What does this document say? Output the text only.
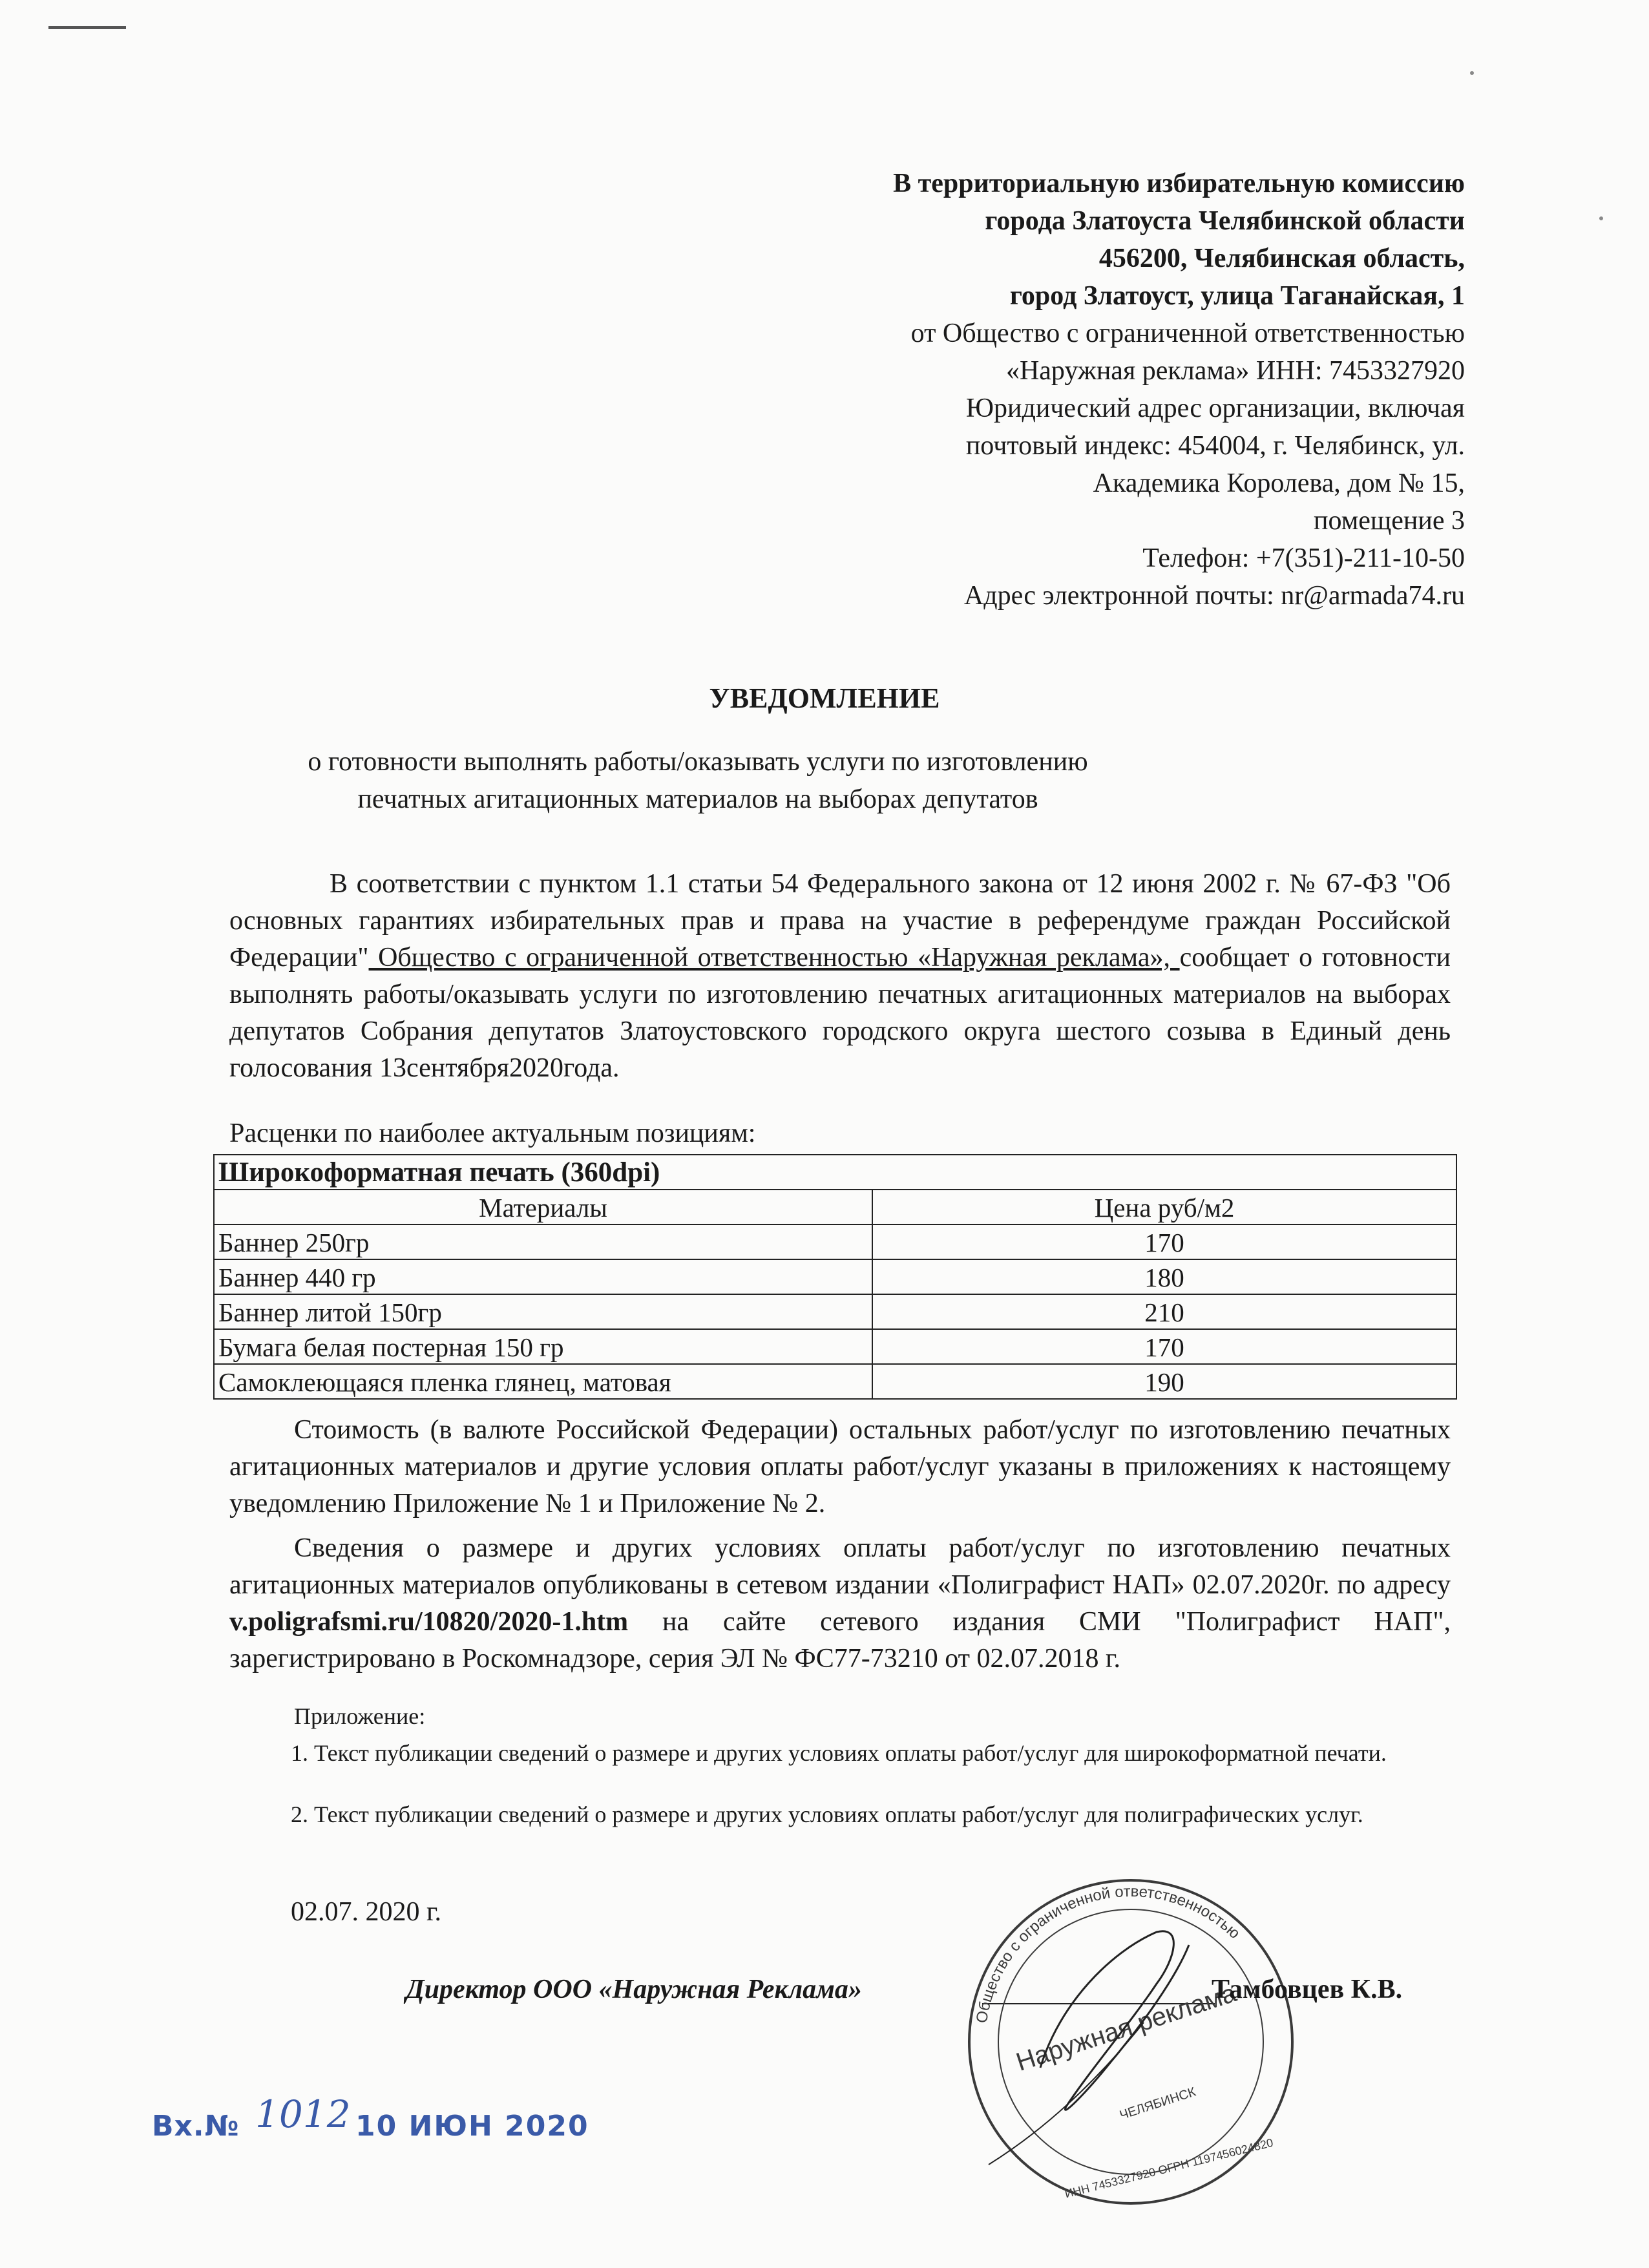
В территориальную избирательную комиссию
города Златоуста Челябинской области
456200, Челябинская область,
город Златоуст, улица Таганайская, 1
от Общество с ограниченной ответственностью
«Наружная реклама» ИНН: 7453327920
Юридический адрес организации, включая
почтовый индекс: 454004, г. Челябинск, ул.
Академика Королева, дом № 15,
помещение 3
Телефон: +7(351)-211-10-50
Адрес электронной почты: nr@armada74.ru
УВЕДОМЛЕНИЕ
о готовности выполнять работы/оказывать услуги по изготовлению печатных агитационных материалов на выборах депутатов
В соответствии с пунктом 1.1 статьи 54 Федерального закона от 12 июня 2002 г. № 67-ФЗ "Об основных гарантиях избирательных прав и права на участие в референдуме граждан Российской Федерации" Общество с ограниченной ответственностью «Наружная реклама», сообщает о готовности выполнять работы/оказывать услуги по изготовлению печатных агитационных материалов на выборах депутатов Собрания депутатов Златоустовского городского округа шестого созыва в Единый день голосования 13сентября2020года.
Расценки по наиболее актуальным позициям:
Широкоформатная печать (360dpi)	
Материалы	Цена руб/м2
Баннер 250гр	170
Баннер 440 гр	180
Баннер литой 150гр	210
Бумага белая постерная 150 гр	170
Самоклеющаяся пленка глянец, матовая	190
Стоимость (в валюте Российской Федерации) остальных работ/услуг по изготовлению печатных агитационных материалов и другие условия оплаты работ/услуг указаны в приложениях к настоящему уведомлению Приложение № 1 и Приложение № 2.
Сведения о размере и других условиях оплаты работ/услуг по изготовлению печатных агитационных материалов опубликованы в сетевом издании «Полиграфист НАП» 02.07.2020г. по адресу v.poligrafsmi.ru/10820/2020-1.htm на сайте сетевого издания СМИ "Полиграфист НАП", зарегистрировано в Роскомнадзоре, серия ЭЛ № ФС77-73210 от 02.07.2018 г.
Приложение:
1. Текст публикации сведений о размере и других условиях оплаты работ/услуг для широкоформатной печати.
2. Текст публикации сведений о размере и других условиях оплаты работ/услуг для полиграфических услуг.
02.07. 2020 г.
Директор ООО «Наружная Реклама»
Общество с ограниченной ответственностью
Наружная реклама
ЧЕЛЯБИНСК
ИНН 7453327920 ОГРН 1197456024820
Тамбовцев К.В.
Вх.№ 1012 10 ИЮН 2020
